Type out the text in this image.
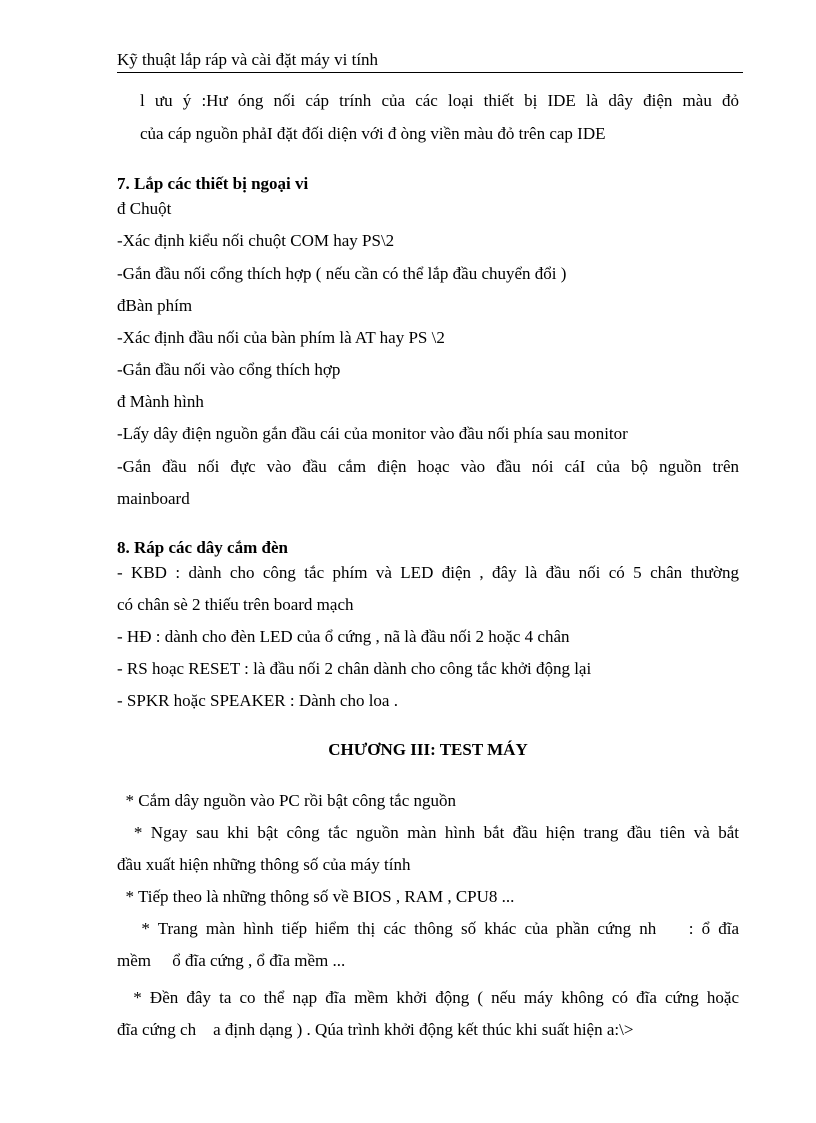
Kỹ thuật lắp ráp và cài đặt máy vi tính
l ưu ý :Hư óng nối cáp trính của các loại thiết bị IDE là dây điện màu đỏ
của cáp nguồn phảI đặt đối diện với đ òng viền màu đỏ trên cap IDE
7. Lắp các thiết bị ngoại vi
đ Chuột
-Xác định kiểu nối chuột COM hay PS\2
-Gắn đầu nối cổng thích hợp ( nếu cần có thể lắp đầu chuyển đổi )
đBàn phím
-Xác định đầu nối của bàn phím là AT hay PS \2
-Gắn đầu nối vào cổng thích hợp
đ Mành hình
-Lấy dây điện nguồn gắn đầu cái của monitor vào đầu nối phía sau monitor
-Gắn đầu nối đực vào đầu cắm điện hoạc vào đầu nói cáI của bộ nguồn trên
mainboard
8. Ráp các dây cắm đèn
- KBD : dành cho công tắc phím và LED điện , đây là đầu nối có 5 chân thường
có chân sè 2 thiếu trên board mạch
- HĐ : dành cho đèn LED của ổ cứng , nã là đầu nối 2 hoặc 4 chân
- RS hoạc RESET : là đầu nối 2 chân dành cho công tắc khởi động lại
- SPKR hoặc SPEAKER : Dành cho loa .
CHƯƠNG III: TEST MÁY
* Cắm dây nguồn vào PC rồi bật công tắc nguồn
* Ngay sau khi bật công tắc nguồn màn hình bắt đầu hiện trang đầu tiên và bắt
đầu xuất hiện những thông số của máy tính
* Tiếp theo là những thông số về BIOS , RAM , CPU8 ...
* Trang màn hình tiếp hiểm thị các thông số khác của phần cứng nh    : ổ đĩa
mềm     ổ đĩa cứng , ổ đĩa mềm ...
* Đền đây ta co thể nạp đĩa mềm khởi động ( nếu máy không có đĩa cứng hoặc
đĩa cứng ch    a định dạng ) . Qúa trình khởi động kết thúc khi suất hiện a:\>
